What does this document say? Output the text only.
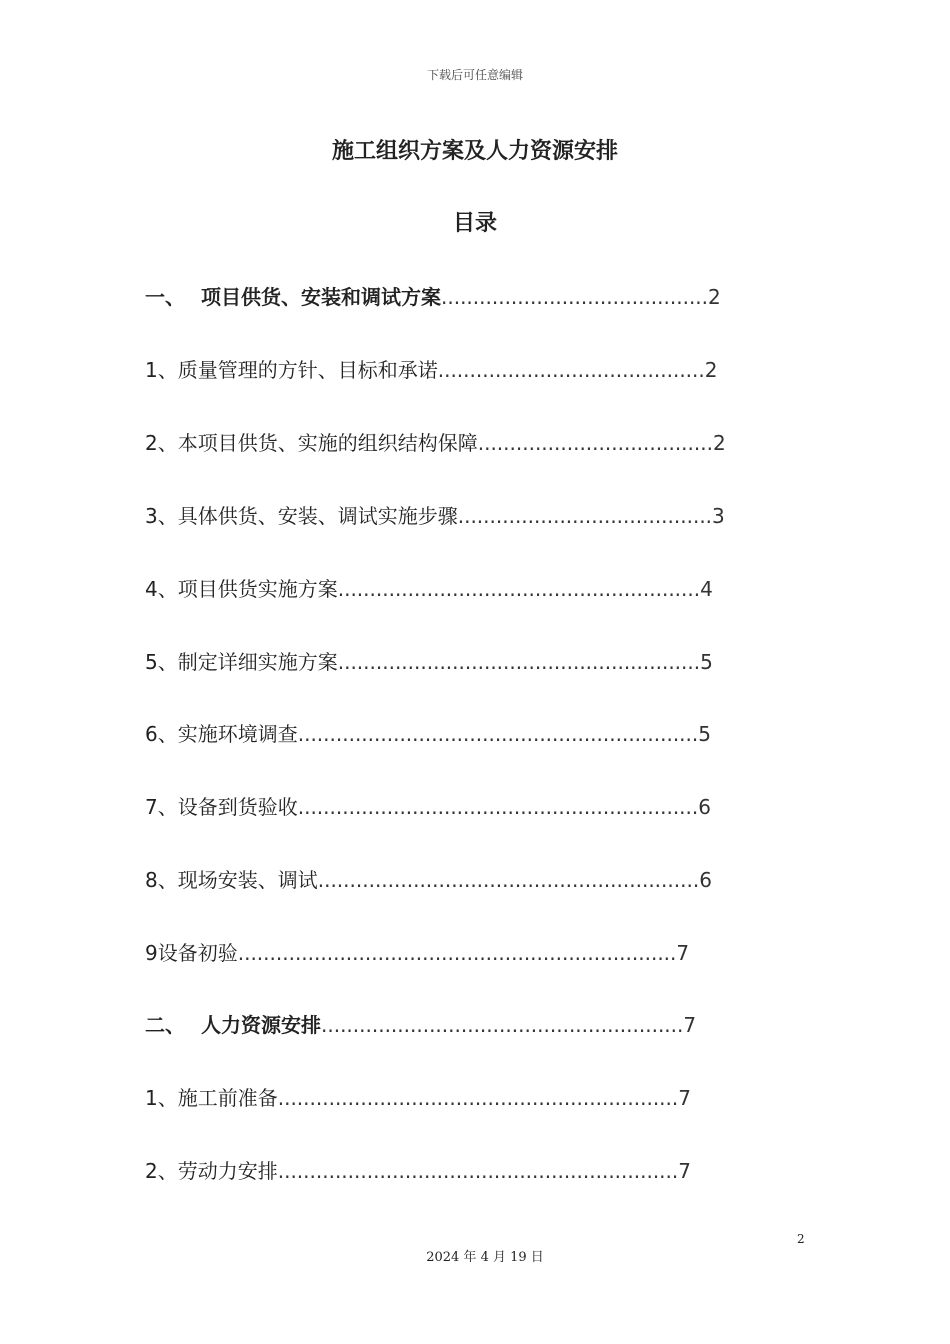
下载后可任意编辑
施工组织方案及人力资源安排
目录
一、 项目供货、安装和调试方案..........................................2
1、质量管理的方针、目标和承诺..........................................2
2、本项目供货、实施的组织结构保障.....................................2
3、具体供货、安装、调试实施步骤........................................3
4、项目供货实施方案.........................................................4
5、制定详细实施方案.........................................................5
6、实施环境调查...............................................................5
7、设备到货验收...............................................................6
8、现场安装、调试............................................................6
9设备初验.....................................................................7
二、 人力资源安排.........................................................7
1、施工前准备...............................................................7
2、劳动力安排...............................................................7
2
2024 年 4 月 19 日
